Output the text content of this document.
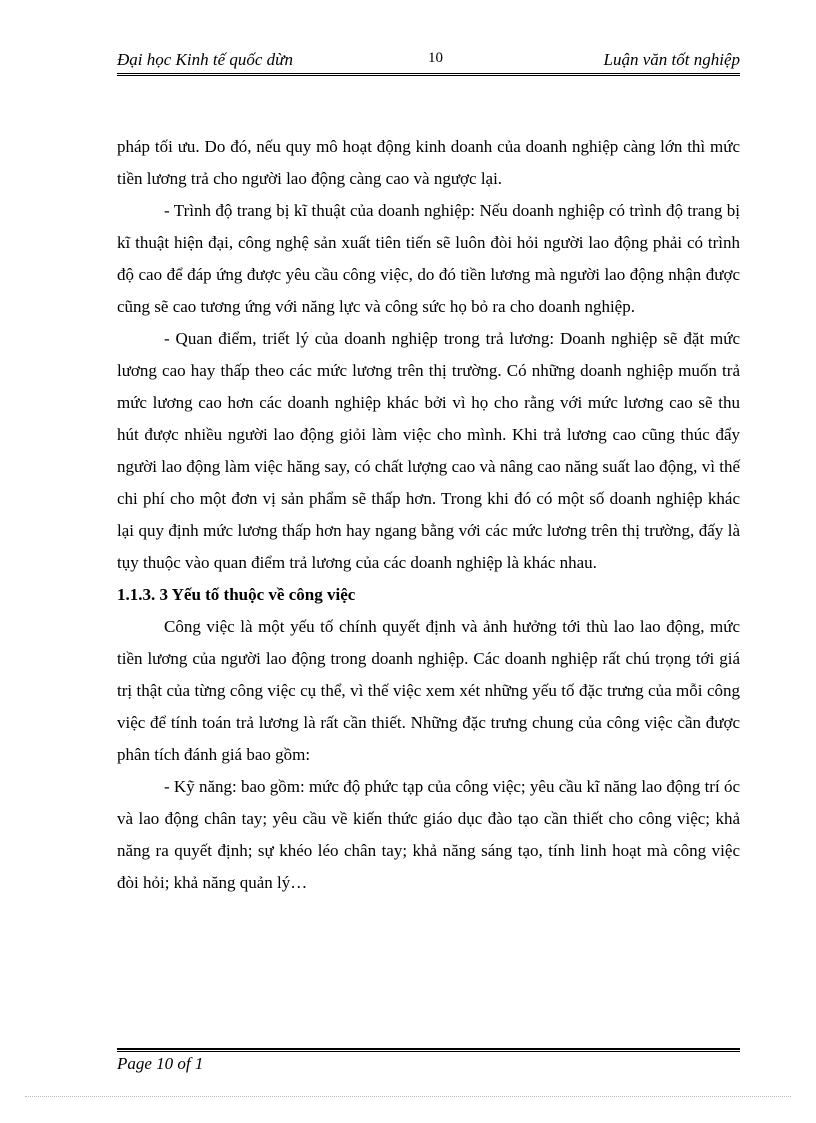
Đại học Kinh tế quốc dừn	10	Luận văn tốt nghiệp

pháp tối ưu. Do đó, nếu quy mô hoạt động kinh doanh của doanh nghiệp càng lớn thì mức tiền lương trả cho người lao động càng cao và ngược lại.

- Trình độ trang bị kĩ thuật của doanh nghiệp: Nếu doanh nghiệp có trình độ trang bị kĩ thuật hiện đại, công nghệ sản xuất tiên tiến sẽ luôn đòi hỏi người lao động phải có trình độ cao để đáp ứng được yêu cầu công việc, do đó tiền lương mà người lao động nhận được cũng sẽ cao tương ứng với năng lực và công sức họ bỏ ra cho doanh nghiệp.

- Quan điểm, triết lý của doanh nghiệp trong trả lương: Doanh nghiệp sẽ đặt mức lương cao hay thấp theo các mức lương trên thị trường. Có những doanh nghiệp muốn trả mức lương cao hơn các doanh nghiệp khác bởi vì họ cho rằng với mức lương cao sẽ thu hút được nhiều người lao động giỏi làm việc cho mình. Khi trả lương cao cũng thúc đẩy người lao động làm việc hăng say, có chất lượng cao và nâng cao năng suất lao động, vì thế chi phí cho một đơn vị sản phẩm sẽ thấp hơn. Trong khi đó có một số doanh nghiệp khác lại quy định mức lương thấp hơn hay ngang bằng với các mức lương trên thị trường, đấy là tụy thuộc vào quan điểm trả lương của các doanh nghiệp là khác nhau.

1.1.3. 3 Yếu tố thuộc về công việc

Công việc là một yếu tố chính quyết định và ảnh hưởng tới thù lao lao động, mức tiền lương của người lao động trong doanh nghiệp. Các doanh nghiệp rất chú trọng tới giá trị thật của từng công việc cụ thể, vì thế việc xem xét những yếu tố đặc trưng của mỗi công việc để tính toán trả lương là rất cần thiết. Những đặc trưng chung của công việc cần được phân tích đánh giá bao gồm:

- Kỹ năng: bao gồm: mức độ phức tạp của công việc; yêu cầu kĩ năng lao động trí óc và lao động chân tay; yêu cầu về kiến thức giáo dục đào tạo cần thiết cho công việc; khả năng ra quyết định; sự khéo léo chân tay; khả năng sáng tạo, tính linh hoạt mà công việc đòi hỏi; khả năng quản lý…

Page 10 of 1
